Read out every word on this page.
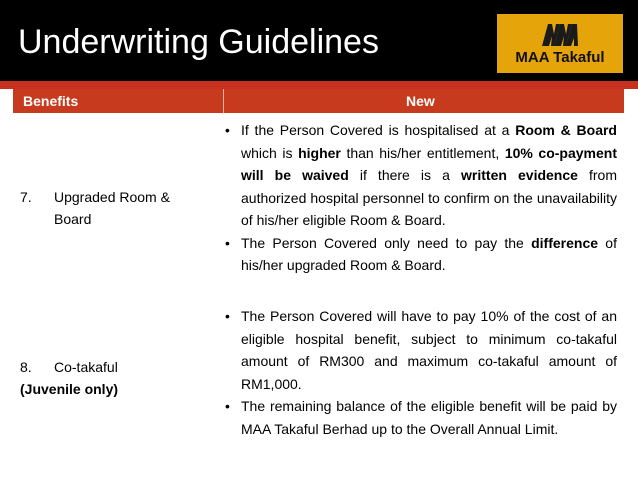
Underwriting Guidelines	MAA Takaful
Benefits	New
7. Upgraded Room &
Board
• If the Person Covered is hospitalised at a Room & Board which is higher than his/her entitlement, 10% co-payment will be waived if there is a written evidence from authorized hospital personnel to confirm on the unavailability of his/her eligible Room & Board.
• The Person Covered only need to pay the difference of his/her upgraded Room & Board.
8. Co-takaful
(Juvenile only)
• The Person Covered will have to pay 10% of the cost of an eligible hospital benefit, subject to minimum co-takaful amount of RM300 and maximum co-takaful amount of RM1,000.
• The remaining balance of the eligible benefit will be paid by MAA Takaful Berhad up to the Overall Annual Limit.
